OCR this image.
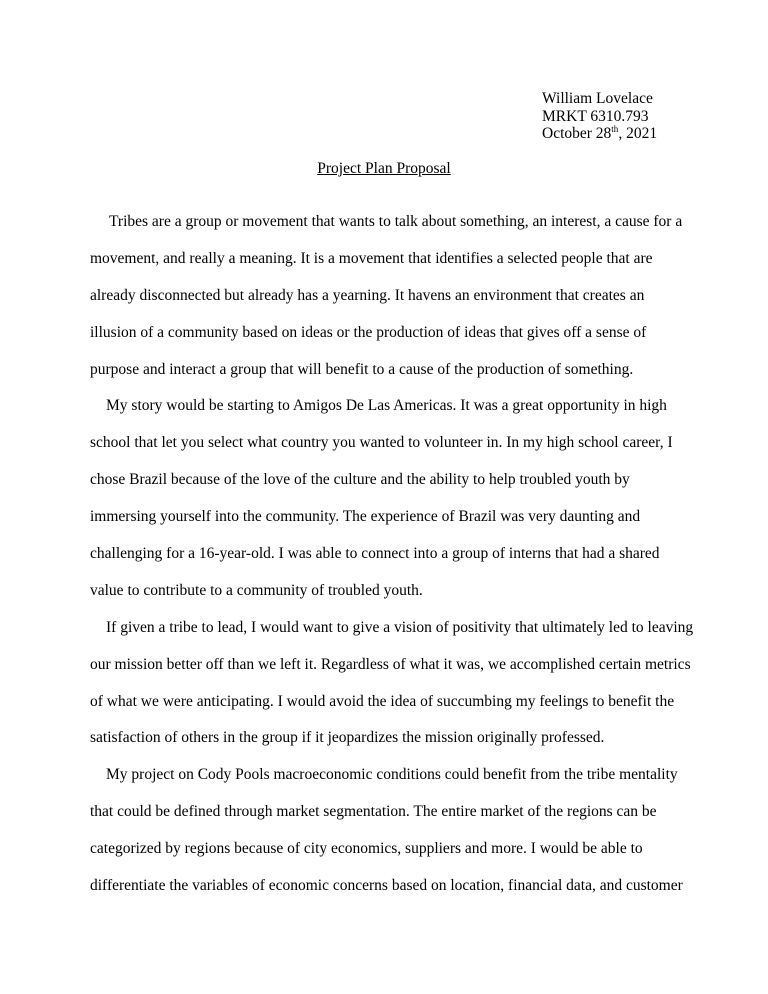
William Lovelace
MRKT 6310.793
October 28th, 2021
Project Plan Proposal
Tribes are a group or movement that wants to talk about something, an interest, a cause for a
movement, and really a meaning. It is a movement that identifies a selected people that are
already disconnected but already has a yearning. It havens an environment that creates an
illusion of a community based on ideas or the production of ideas that gives off a sense of
purpose and interact a group that will benefit to a cause of the production of something.
My story would be starting to Amigos De Las Americas. It was a great opportunity in high
school that let you select what country you wanted to volunteer in. In my high school career, I
chose Brazil because of the love of the culture and the ability to help troubled youth by
immersing yourself into the community. The experience of Brazil was very daunting and
challenging for a 16-year-old. I was able to connect into a group of interns that had a shared
value to contribute to a community of troubled youth.
If given a tribe to lead, I would want to give a vision of positivity that ultimately led to leaving
our mission better off than we left it. Regardless of what it was, we accomplished certain metrics
of what we were anticipating. I would avoid the idea of succumbing my feelings to benefit the
satisfaction of others in the group if it jeopardizes the mission originally professed.
My project on Cody Pools macroeconomic conditions could benefit from the tribe mentality
that could be defined through market segmentation. The entire market of the regions can be
categorized by regions because of city economics, suppliers and more. I would be able to
differentiate the variables of economic concerns based on location, financial data, and customer
